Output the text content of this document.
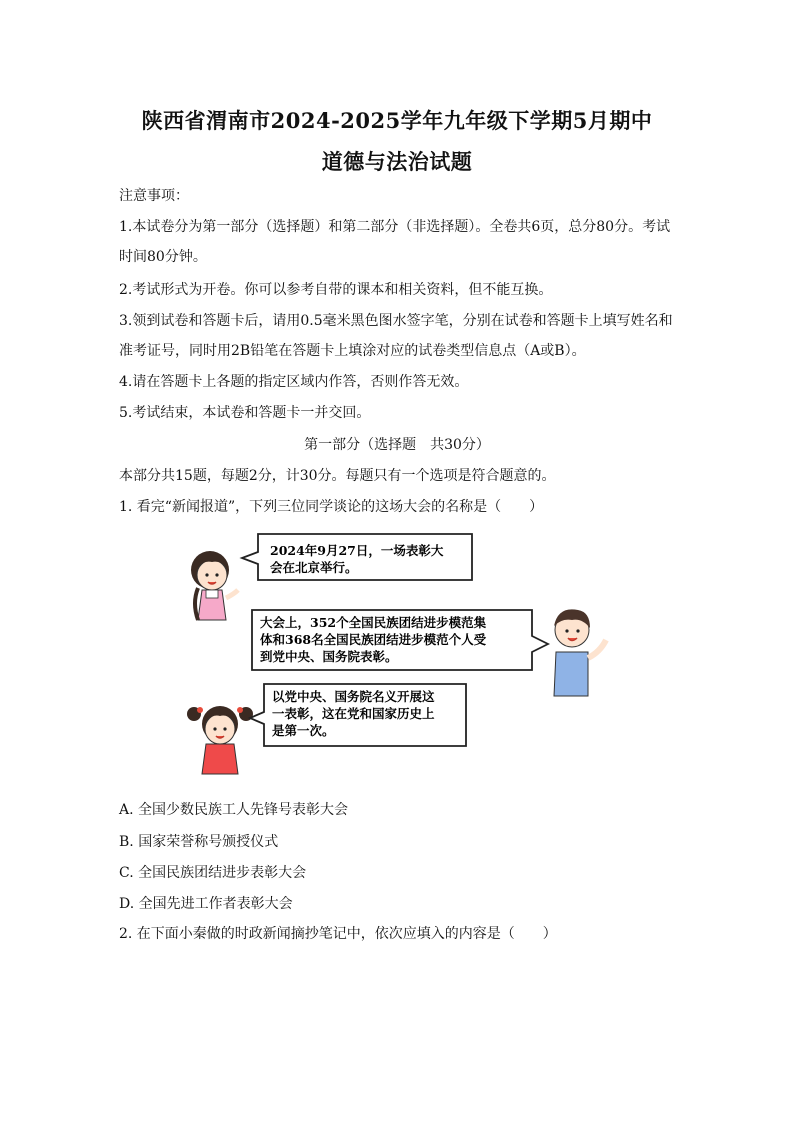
陕西省渭南市2024-2025学年九年级下学期5月期中
道德与法治试题
注意事项：
1.本试卷分为第一部分（选择题）和第二部分（非选择题）。全卷共6页，总分80分。考试
时间80分钟。
2.考试形式为开卷。你可以参考自带的课本和相关资料，但不能互换。
3.领到试卷和答题卡后，请用0.5毫米黑色图水签字笔，分别在试卷和答题卡上填写姓名和
准考证号，同时用2B铅笔在答题卡上填涂对应的试卷类型信息点（A或B）。
4.请在答题卡上各题的指定区域内作答，否则作答无效。
5.考试结束，本试卷和答题卡一并交回。
第一部分（选择题　共30分）
本部分共15题，每题2分，计30分。每题只有一个选项是符合题意的。
1. 看完“新闻报道”，下列三位同学谈论的这场大会的名称是（　　）
2024年9月27日，一场表彰大
会在北京举行。
大会上，352个全国民族团结进步模范集
体和368名全国民族团结进步模范个人受
到党中央、国务院表彰。
以党中央、国务院名义开展这
一表彰，这在党和国家历史上
是第一次。
A. 全国少数民族工人先锋号表彰大会
B. 国家荣誉称号颁授仪式
C. 全国民族团结进步表彰大会
D. 全国先进工作者表彰大会
2. 在下面小秦做的时政新闻摘抄笔记中，依次应填入的内容是（　　）
